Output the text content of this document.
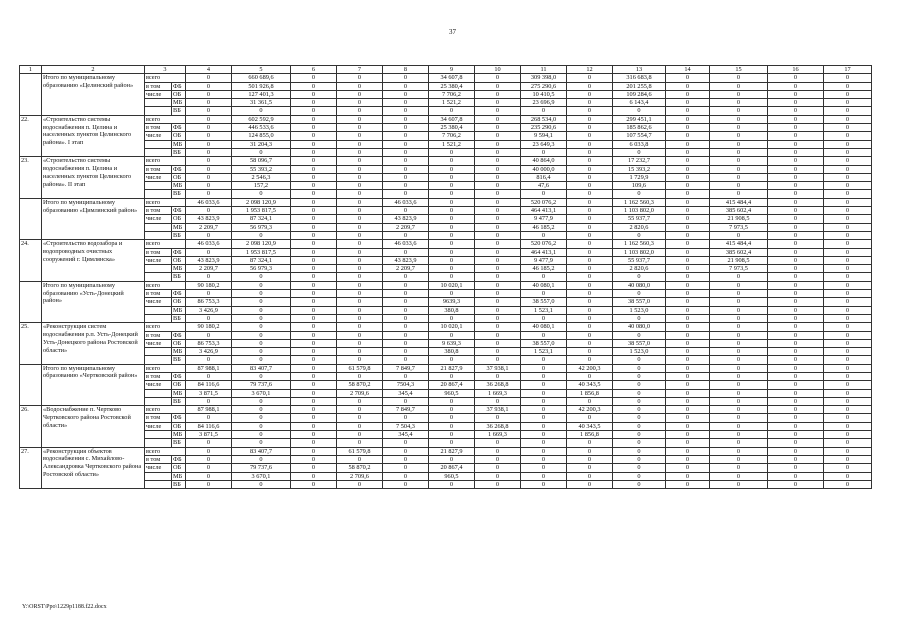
37
1	2	3		4	5	6	7	8	9	10	11	12	13	14	15	16	17
	Итого по муниципальному образованию «Целинский район»	всего		0	660 689,6	0	0	0	34 607,8	0	309 398,0	0	316 683,8	0	0	0	0
		в том	ФБ	0	501 926,8	0	0	0	25 380,4	0	275 290,6	0	201 255,8	0	0	0	0
		числе	ОБ	0	127 401,3	0	0	0	7 706,2	0	10 410,5	0	109 284,6	0	0	0	0
			МБ	0	31 361,5	0	0	0	1 521,2	0	23 696,9	0	6 143,4	0	0	0	0
			ВБ	0	0	0	0	0	0	0	0	0	0	0	0	0	0
22.	«Строительство системы водоснабжения п. Целина и населенных пунктов Целинского района». I этап	всего		0	602 592,9	0	0	0	34 607,8	0	268 534,0	0	299 451,1	0	0	0	0
		в том	ФБ	0	446 533,6	0	0	0	25 380,4	0	235 290,6	0	185 862,6	0	0	0	0
		числе	ОБ	0	124 855,0	0	0	0	7 706,2	0	9 594,1	0	107 554,7	0	0	0	0
			МБ	0	31 204,3	0	0	0	1 521,2	0	23 649,3	0	6 033,8	0	0	0	0
			ВБ	0	0	0	0	0	0	0	0	0	0	0	0	0	0
23.	«Строительство системы водоснабжения п. Целина и населенных пунктов Целинского района». II этап	всего		0	58 096,7	0	0	0	0	0	40 864,0	0	17 232,7	0	0	0	0
		в том	ФБ	0	55 393,2	0	0	0	0	0	40 000,0	0	15 393,2	0	0	0	0
		числе	ОБ	0	2 546,3	0	0	0	0	0	816,4	0	1 729,9	0	0	0	0
			МБ	0	157,2	0	0	0	0	0	47,6	0	109,6	0	0	0	0
			ВБ	0	0	0	0	0	0	0	0	0	0	0	0	0	0
	Итого по муниципальному образованию «Цимлянский район»	всего		46 033,6	2 098 120,9	0	0	46 033,6	0	0	520 076,2	0	1 162 560,3	0	415 484,4	0	0
		в том	ФБ	0	1 953 817,5	0	0	0	0	0	464 413,1	0	1 103 802,0	0	385 602,4	0	0
		числе	ОБ	43 823,9	87 324,1	0	0	43 823,9	0	0	9 477,9	0	55 937,7	0	21 908,5	0	0
			МБ	2 209,7	56 979,3	0	0	2 209,7	0	0	46 185,2	0	2 820,6	0	7 973,5	0	0
			ВБ	0	0	0	0	0	0	0	0	0	0	0	0	0	0
24.	«Строительство водозабора и водопроводных очистных сооружений г. Цимлянска»	всего		46 033,6	2 098 120,9	0	0	46 033,6	0	0	520 076,2	0	1 162 560,3	0	415 484,4	0	0
		в том	ФБ	0	1 953 817,5	0	0	0	0	0	464 413,1	0	1 103 802,0	0	385 602,4	0	0
		числе	ОБ	43 823,9	87 324,1	0	0	43 823,9	0	0	9 477,9	0	55 937,7	0	21 908,5	0	0
			МБ	2 209,7	56 979,3	0	0	2 209,7	0	0	46 185,2	0	2 820,6	0	7 973,5	0	0
			ВБ	0	0	0	0	0	0	0	0	0	0	0	0	0	0
	Итого по муниципальному образованию «Усть-Донецкий район»	всего		90 180,2	0	0	0	0	10 020,1	0	40 080,1	0	40 080,0	0	0	0	0
		в том	ФБ	0	0	0	0	0	0	0	0	0	0	0	0	0	0
		числе	ОБ	86 753,3	0	0	0	0	9639,3	0	38 557,0	0	38 557,0	0	0	0	0
			МБ	3 426,9	0	0	0	0	380,8	0	1 523,1	0	1 523,0	0	0	0	0
			ВБ	0	0	0	0	0	0	0	0	0	0	0	0	0	0
25.	«Реконструкция систем водоснабжения р.п. Усть-Донецкий Усть-Донецкого района Ростовской области»	всего		90 180,2	0	0	0	0	10 020,1	0	40 080,1	0	40 080,0	0	0	0	0
		в том	ФБ	0	0	0	0	0	0	0	0	0	0	0	0	0	0
		числе	ОБ	86 753,3	0	0	0	0	9 639,3	0	38 557,0	0	38 557,0	0	0	0	0
			МБ	3 426,9	0	0	0	0	380,8	0	1 523,1	0	1 523,0	0	0	0	0
			ВБ	0	0	0	0	0	0	0	0	0	0	0	0	0	0
	Итого по муниципальному образованию «Чертковский район»	всего		87 988,1	83 407,7	0	61 579,8	7 849,7	21 827,9	37 938,1	0	42 200,3	0	0	0	0	0
		в том	ФБ	0	0	0	0	0	0	0	0	0	0	0	0	0	0
		числе	ОБ	84 116,6	79 737,6	0	58 870,2	7504,3	20 867,4	36 268,8	0	40 343,5	0	0	0	0	0
			МБ	3 871,5	3 670,1	0	2 709,6	345,4	960,5	1 669,3	0	1 856,8	0	0	0	0	0
			ВБ	0	0	0	0	0	0	0	0	0	0	0	0	0	0
26.	«Водоснабжение п. Чертково Чертковского района Ростовской области»	всего		87 988,1	0	0	0	7 849,7	0	37 938,1	0	42 200,3	0	0	0	0	0
		в том	ФБ	0	0	0	0	0	0	0	0	0	0	0	0	0	0
		числе	ОБ	84 116,6	0	0	0	7 504,3	0	36 268,8	0	40 343,5	0	0	0	0	0
			МБ	3 871,5	0	0	0	345,4	0	1 669,3	0	1 856,8	0	0	0	0	0
			ВБ	0	0	0	0	0	0	0	0	0	0	0	0	0	0
27.	«Реконструкция объектов водоснабжения с. Михайлово-Александровка Чертковского района Ростовской области»	всего		0	83 407,7	0	61 579,8	0	21 827,9	0	0	0	0	0	0	0	0
		в том	ФБ	0	0	0	0	0	0	0	0	0	0	0	0	0	0
		числе	ОБ	0	79 737,6	0	58 870,2	0	20 867,4	0	0	0	0	0	0	0	0
			МБ	0	3 670,1	0	2 709,6	0	960,5	0	0	0	0	0	0	0	0
			ВБ	0	0	0	0	0	0	0	0	0	0	0	0	0	0
Y:\ORST\Ppo\1229p1188.f22.docx
